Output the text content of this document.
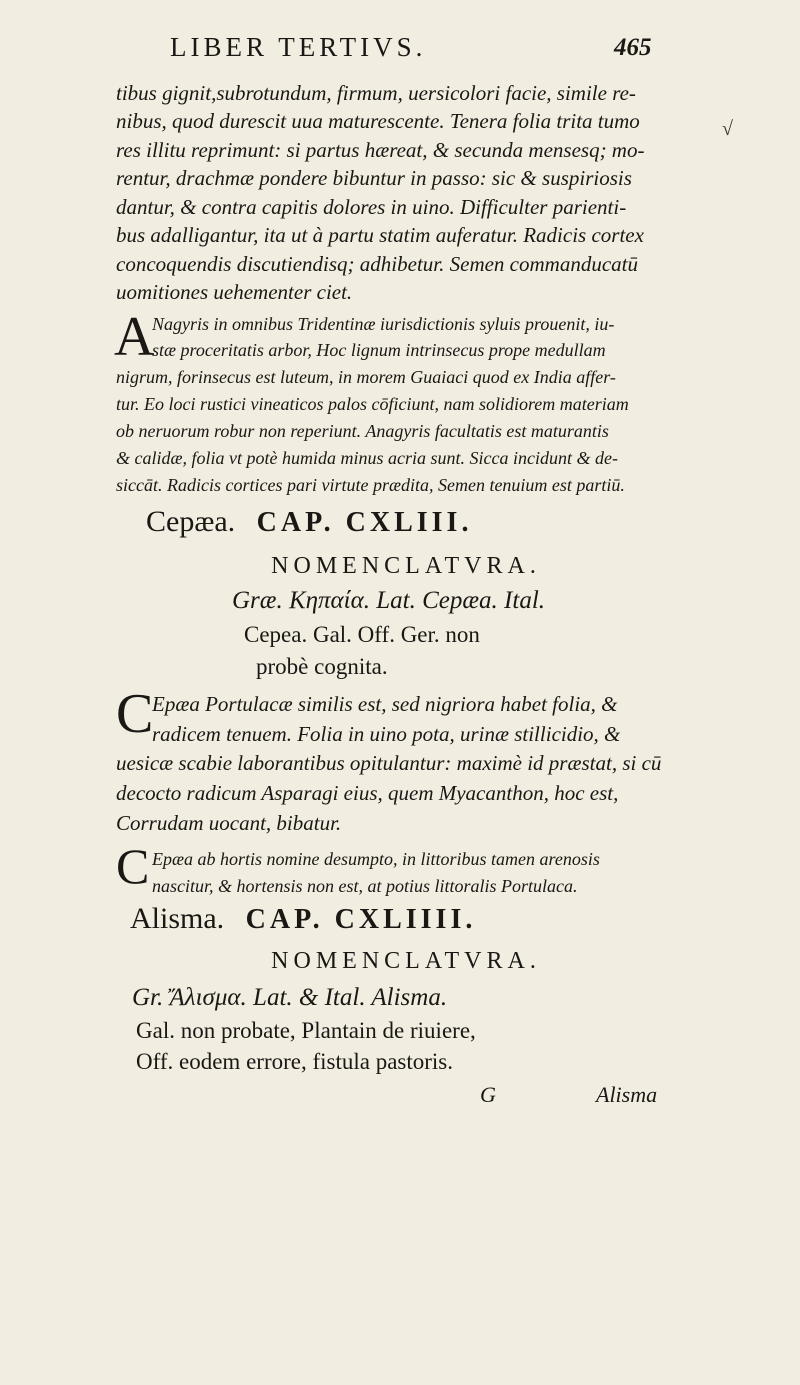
LIBER TERTIVS.	465
√
tibus gignit,subrotundum, firmum, uersicolori facie, simile re-
nibus, quod durescit uua maturescente. Tenera folia trita tumo
res illitu reprimunt: si partus hæreat, & secunda mensesq; mo-
rentur, drachmæ pondere bibuntur in passo: sic & suspiriosis
dantur, & contra capitis dolores in uino. Difficulter parienti-
bus adalligantur, ita ut à partu statim auferatur. Radicis cortex
concoquendis discutiendisq; adhibetur. Semen commanducatū
uomitiones uehementer ciet.
A
Nagyris in omnibus Tridentinæ iurisdictionis syluis prouenit, iu-
stæ proceritatis arbor, Hoc lignum intrinsecus prope medullam
nigrum, forinsecus est luteum, in morem Guaiaci quod ex India affer-
tur. Eo loci rustici vineaticos palos cōficiunt, nam solidiorem materiam
ob neruorum robur non reperiunt. Anagyris facultatis est maturantis
& calidæ, folia vt potè humida minus acria sunt. Sicca incidunt & de-
siccāt. Radicis cortices pari virtute prædita, Semen tenuium est partiū.
Cepæa. CAP. CXLIII.
NOMENCLATVRA.
Græ. Κηπαία. Lat. Cepæa. Ital.
Cepea. Gal. Off. Ger. non
probè cognita.
C
Epæa Portulacæ similis est, sed nigriora habet folia, &
radicem tenuem. Folia in uino pota, urinæ stillicidio, &
uesicæ scabie laborantibus opitulantur: maximè id præstat, si cū
decocto radicum Asparagi eius, quem Myacanthon, hoc est,
Corrudam uocant, bibatur.
C Epæa ab hortis nomine desumpto, in littoribus tamen arenosis
nascitur, & hortensis non est, at potius littoralis Portulaca.
Alisma. CAP. CXLIIII.
NOMENCLATVRA.
Gr. Ἄλισμα. Lat. & Ital. Alisma.
Gal. non probate, Plantain de riuiere,
Off. eodem errore, fistula pastoris.
G	Alisma
